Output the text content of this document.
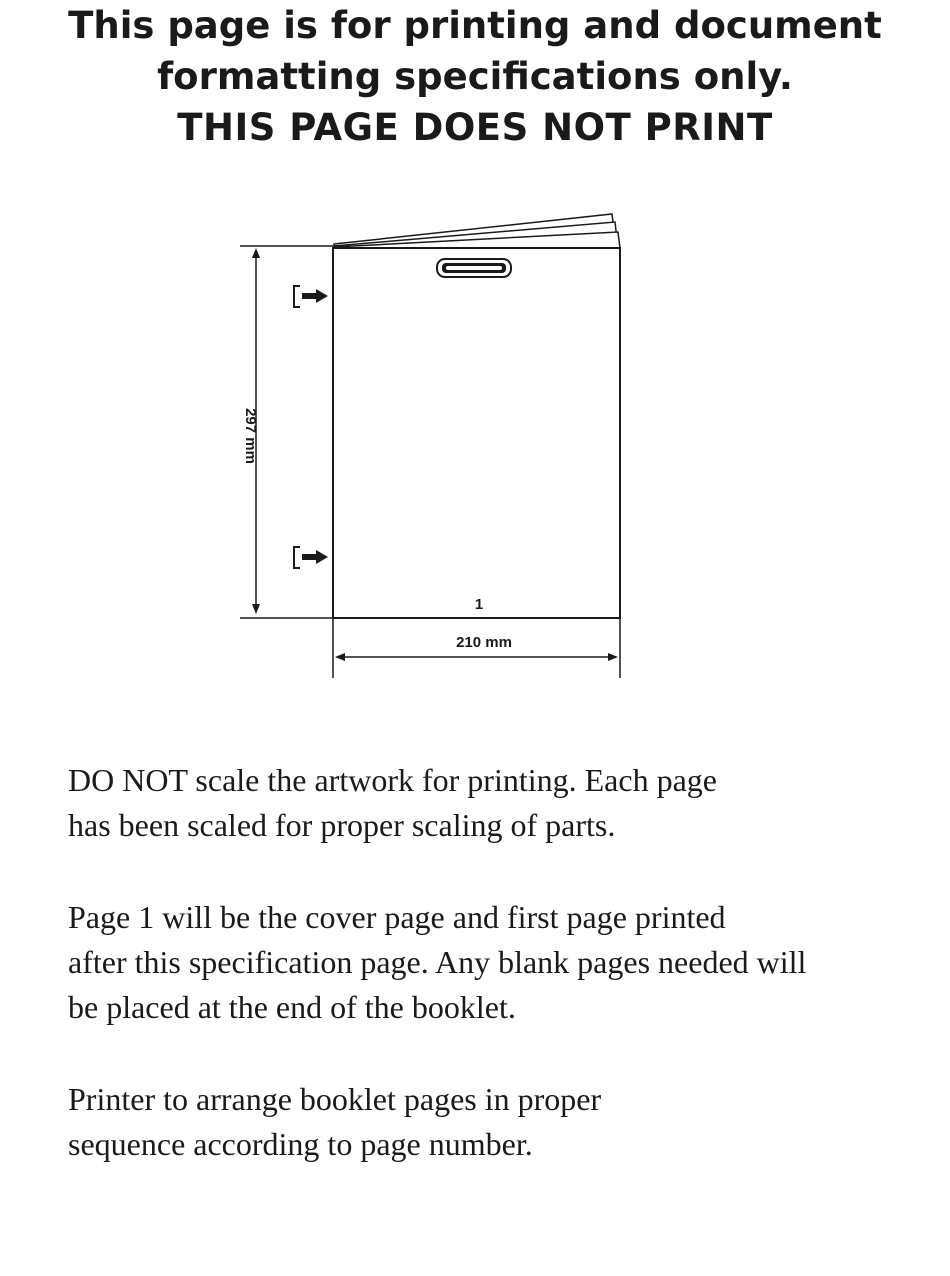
This page is for printing and document
formatting specifications only.
THIS PAGE DOES NOT PRINT
1
297 mm
210 mm

DO NOT scale the artwork for printing. Each page
has been scaled for proper scaling of parts.

Page 1 will be the cover page and first page printed
after this specification page. Any blank pages needed will
be placed at the end of the booklet.

Printer to arrange booklet pages in proper
sequence according to page number.
